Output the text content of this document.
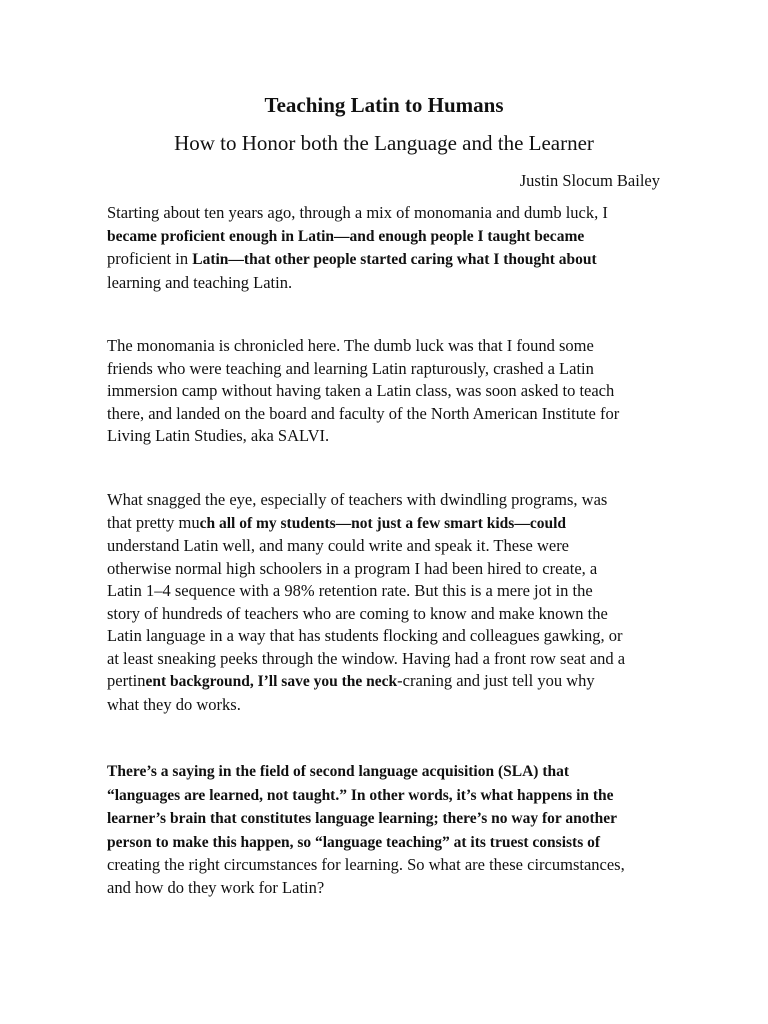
Teaching Latin to Humans
How to Honor both the Language and the Learner

Justin Slocum Bailey

Starting about ten years ago, through a mix of monomania and dumb luck, I
became proficient enough in Latin—and enough people I taught became
proficient in Latin—that other people started caring what I thought about
learning and teaching Latin.

The monomania is chronicled here. The dumb luck was that I found some
friends who were teaching and learning Latin rapturously, crashed a Latin
immersion camp without having taken a Latin class, was soon asked to teach
there, and landed on the board and faculty of the North American Institute for
Living Latin Studies, aka SALVI.

What snagged the eye, especially of teachers with dwindling programs, was
that pretty much all of my students—not just a few smart kids—could
understand Latin well, and many could write and speak it. These were
otherwise normal high schoolers in a program I had been hired to create, a
Latin 1–4 sequence with a 98% retention rate. But this is a mere jot in the
story of hundreds of teachers who are coming to know and make known the
Latin language in a way that has students flocking and colleagues gawking, or
at least sneaking peeks through the window. Having had a front row seat and a
pertinent background, I’ll save you the neck-craning and just tell you why
what they do works.

There’s a saying in the field of second language acquisition (SLA) that
“languages are learned, not taught.” In other words, it’s what happens in the
learner’s brain that constitutes language learning; there’s no way for another
person to make this happen, so “language teaching” at its truest consists of
creating the right circumstances for learning. So what are these circumstances,
and how do they work for Latin?
